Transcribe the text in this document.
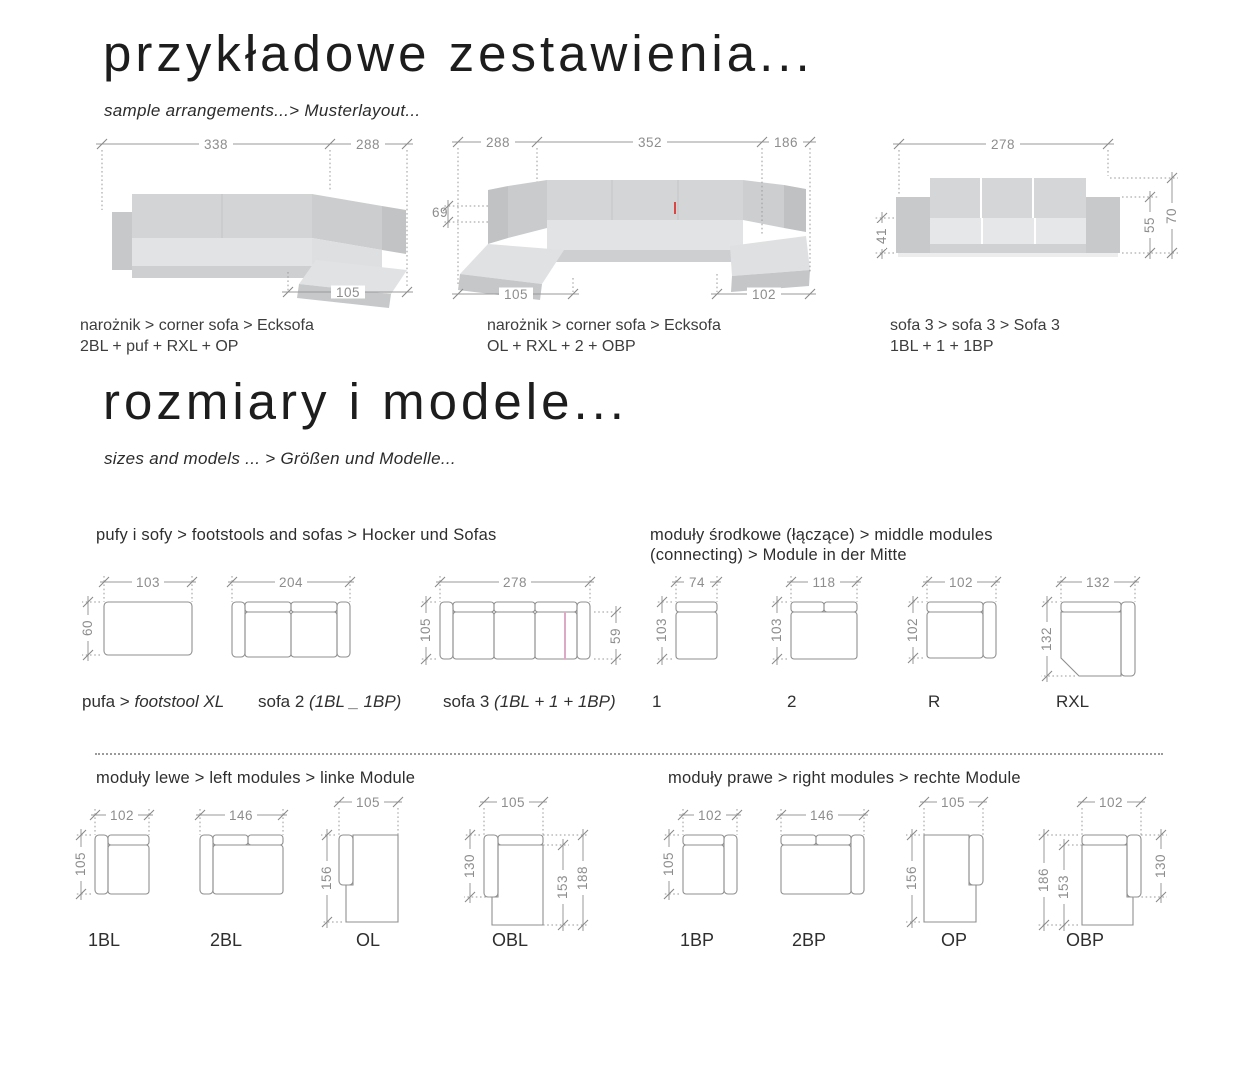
przykładowe zestawienia...
sample arrangements...> Musterlayout...
338	288
105
288	352	186
69
105	102
278
55
70
41
narożnik > corner sofa > Ecksofa
2BL + puf + RXL + OP
narożnik > corner sofa > Ecksofa
OL + RXL + 2 + OBP
sofa 3 > sofa 3 > Sofa 3
1BL + 1 + 1BP
rozmiary i modele...
sizes and models ... > Größen und Modelle...
pufy i sofy > footstools and sofas > Hocker und Sofas	moduły środkowe (łączące) > middle modules
(connecting) > Module in der Mitte
103
60
204	278
105	59
74
103
118
103
102
102
132
132
pufa > footstool XL sofa 2 (1BL _ 1BP) sofa 3 (1BL + 1 + 1BP) 1	2	R	RXL
moduły lewe > left modules > linke Module	moduły prawe > right modules > rechte Module
102
105
146
105
156
105
130
153 188
102
105
146
105
156
102
186 153
130
1BL	2BL	OL	OBL	1BP	2BP	OP	OBP
